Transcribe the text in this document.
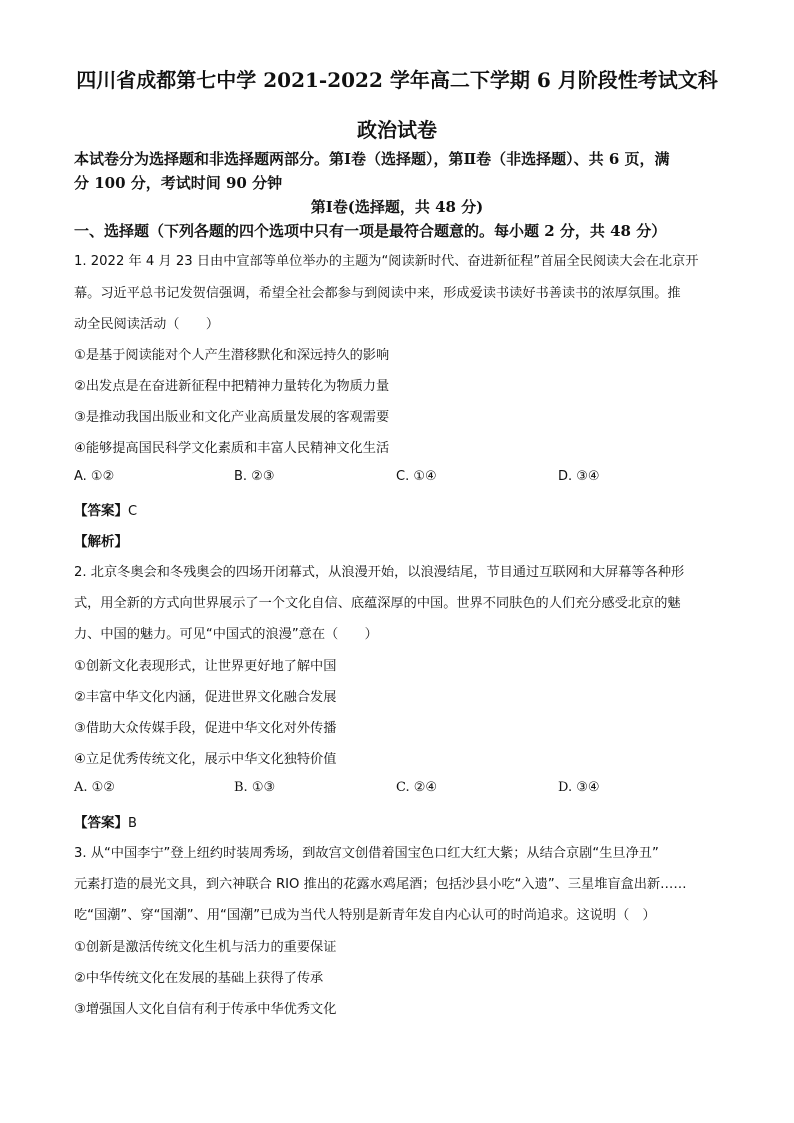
四川省成都第七中学 2021-2022 学年高二下学期 6 月阶段性考试文科
政治试卷
本试卷分为选择题和非选择题两部分。第Ⅰ卷（选择题），第Ⅱ卷（非选择题）、共 6 页，满
分 100 分，考试时间 90 分钟
第Ⅰ卷(选择题，共 48 分)
一、选择题（下列各题的四个选项中只有一项是最符合题意的。每小题 2 分，共 48 分）
1. 2022 年 4 月 23 日由中宣部等单位举办的主题为“阅读新时代、奋进新征程”首届全民阅读大会在北京开
幕。习近平总书记发贺信强调，希望全社会都参与到阅读中来，形成爱读书读好书善读书的浓厚氛围。推
动全民阅读活动（　　）
①是基于阅读能对个人产生潜移默化和深远持久的影响
②出发点是在奋进新征程中把精神力量转化为物质力量
③是推动我国出版业和文化产业高质量发展的客观需要
④能够提高国民科学文化素质和丰富人民精神文化生活
A. ①②	B. ②③	C. ①④	D. ③④
【答案】C
【解析】
2. 北京冬奥会和冬残奥会的四场开闭幕式，从浪漫开始，以浪漫结尾，节目通过互联网和大屏幕等各种形
式，用全新的方式向世界展示了一个文化自信、底蕴深厚的中国。世界不同肤色的人们充分感受北京的魅
力、中国的魅力。可见“中国式的浪漫”意在（　　）
①创新文化表现形式，让世界更好地了解中国
②丰富中华文化内涵，促进世界文化融合发展
③借助大众传媒手段，促进中华文化对外传播
④立足优秀传统文化，展示中华文化独特价值
A. ①②	B. ①③	C. ②④	D. ③④
【答案】B
3. 从“中国李宁”登上纽约时装周秀场，到故宫文创借着国宝色口红大红大紫；从结合京剧“生旦净丑”
元素打造的晨光文具，到六神联合 RIO 推出的花露水鸡尾酒；包括沙县小吃“入遗”、三星堆盲盒出新……
吃“国潮”、穿“国潮”、用“国潮”已成为当代人特别是新青年发自内心认可的时尚追求。这说明（　）
①创新是激活传统文化生机与活力的重要保证
②中华传统文化在发展的基础上获得了传承
③增强国人文化自信有利于传承中华优秀文化
